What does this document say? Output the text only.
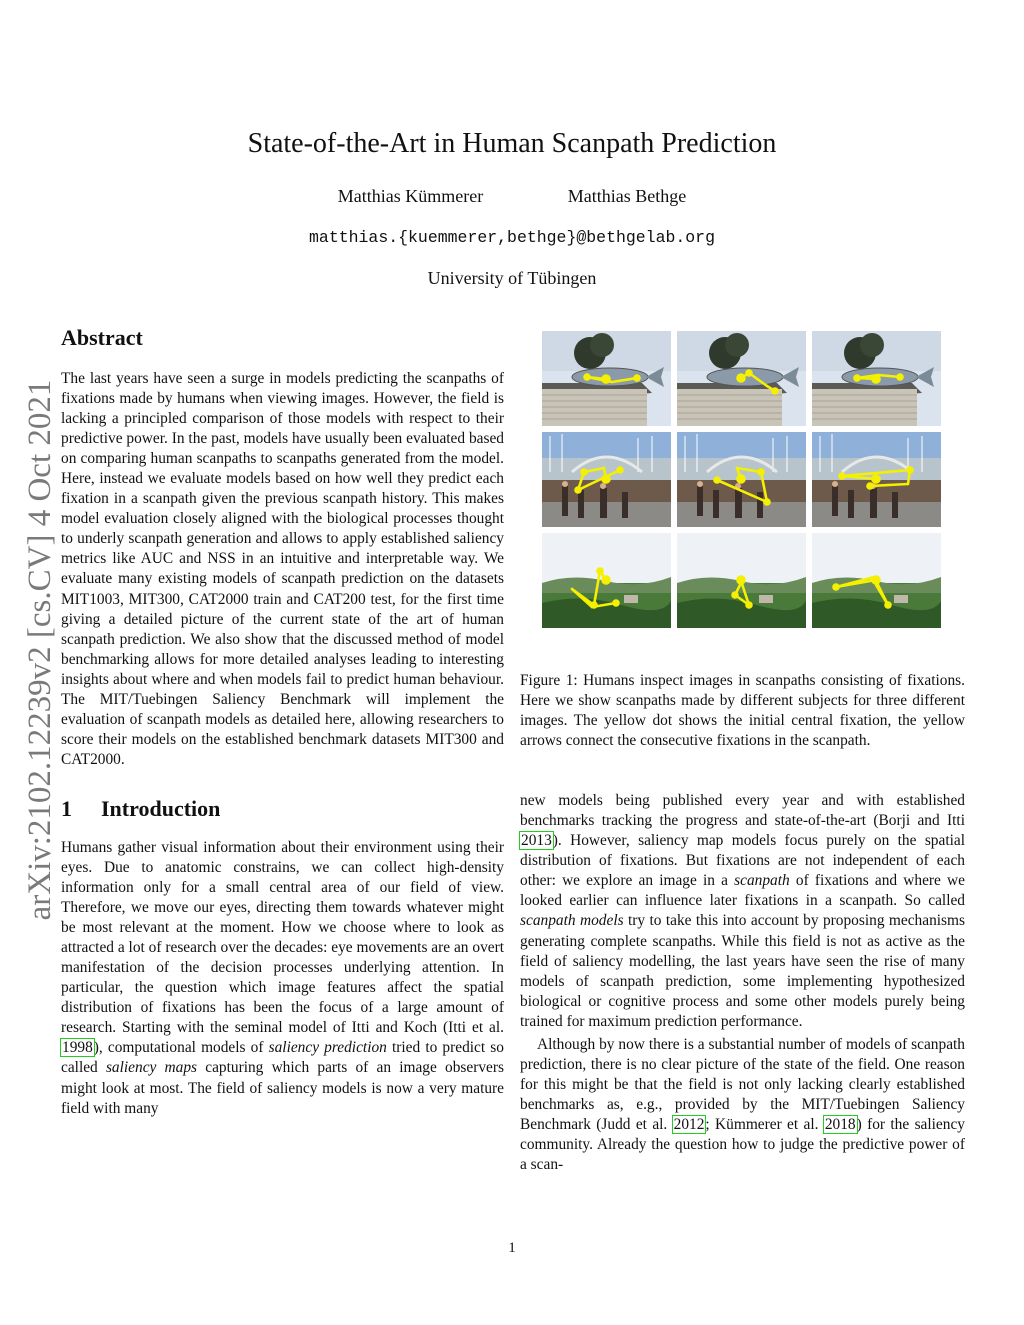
arXiv:2102.12239v2 [cs.CV] 4 Oct 2021
State-of-the-Art in Human Scanpath Prediction
Matthias Kümmerer	Matthias Bethge
matthias.{kuemmerer,bethge}@bethgelab.org
University of Tübingen
Abstract

The last years have seen a surge in models predicting the scanpaths of fixations made by humans when viewing images. However, the field is lacking a principled comparison of those models with respect to their predictive power. In the past, models have usually been evaluated based on comparing human scanpaths to scanpaths generated from the model. Here, instead we evaluate models based on how well they predict each fixation in a scanpath given the previous scanpath history. This makes model evaluation closely aligned with the biological processes thought to underly scanpath generation and allows to apply established saliency metrics like AUC and NSS in an intuitive and interpretable way. We evaluate many existing models of scanpath prediction on the datasets MIT1003, MIT300, CAT2000 train and CAT200 test, for the first time giving a detailed picture of the current state of the art of human scanpath prediction. We also show that the discussed method of model benchmarking allows for more detailed analyses leading to interesting insights about where and when models fail to predict human behaviour. The MIT/Tuebingen Saliency Benchmark will implement the evaluation of scanpath models as detailed here, allowing researchers to score their models on the established benchmark datasets MIT300 and CAT2000.

1 Introduction

Humans gather visual information about their environment using their eyes. Due to anatomic constrains, we can collect high-density information only for a small central area of our field of view. Therefore, we move our eyes, directing them towards whatever might be most relevant at the moment. How we choose where to look as attracted a lot of research over the decades: eye movements are an overt manifestation of the decision processes underlying attention. In particular, the question which image features affect the spatial distribution of fixations has been the focus of a large amount of research. Starting with the seminal model of Itti and Koch (Itti et al. 1998), computational models of saliency prediction tried to predict so called saliency maps capturing which parts of an image observers might look at most. The field of saliency models is now a very mature field with many

Figure 1: Humans inspect images in scanpaths consisting of fixations. Here we show scanpaths made by different subjects for three different images. The yellow dot shows the initial central fixation, the yellow arrows connect the consecutive fixations in the scanpath.

new models being published every year and with established benchmarks tracking the progress and state-of-the-art (Borji and Itti 2013). However, saliency map models focus purely on the spatial distribution of fixations. But fixations are not independent of each other: we explore an image in a scanpath of fixations and where we looked earlier can influence later fixations in a scanpath. So called scanpath models try to take this into account by proposing mechanisms generating complete scanpaths. While this field is not as active as the field of saliency modelling, the last years have seen the rise of many models of scanpath prediction, some implementing hypothesized biological or cognitive process and some other models purely being trained for maximum prediction performance.

Although by now there is a substantial number of models of scanpath prediction, there is no clear picture of the state of the field. One reason for this might be that the field is not only lacking clearly established benchmarks as, e.g., provided by the MIT/Tuebingen Saliency Benchmark (Judd et al. 2012; Kümmerer et al. 2018) for the saliency community. Already the question how to judge the predictive power of a scan-

1
